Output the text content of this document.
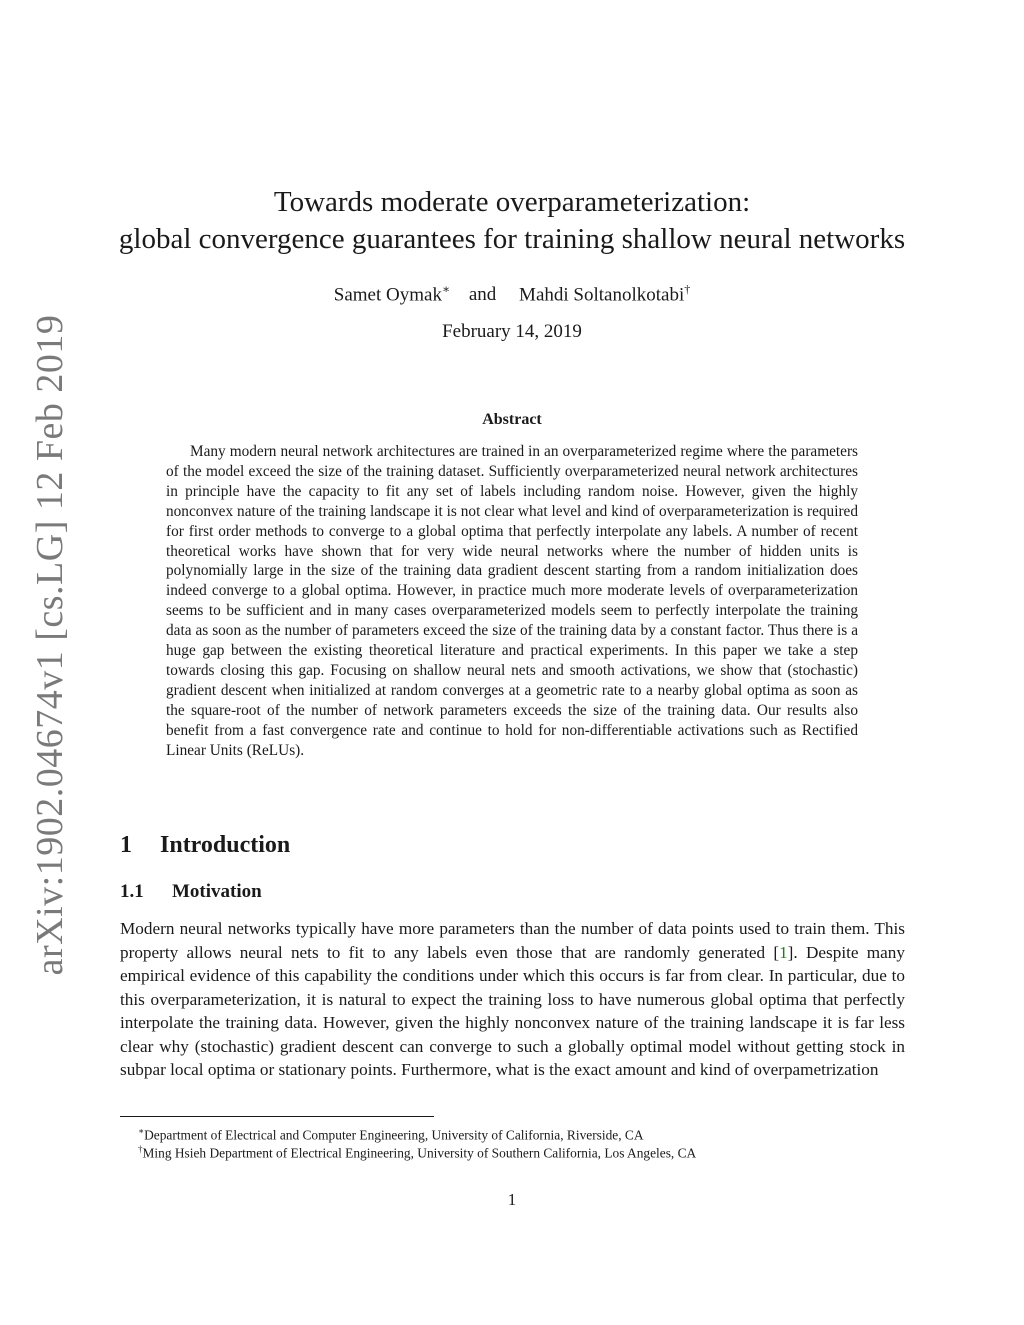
arXiv:1902.04674v1 [cs.LG] 12 Feb 2019
Towards moderate overparameterization:
global convergence guarantees for training shallow neural networks
Samet Oymak∗ and Mahdi Soltanolkotabi†
February 14, 2019
Abstract

Many modern neural network architectures are trained in an overparameterized regime where the parameters of the model exceed the size of the training dataset. Sufficiently overparameterized neural network architectures in principle have the capacity to fit any set of labels including random noise. However, given the highly nonconvex nature of the training landscape it is not clear what level and kind of overparameterization is required for first order methods to converge to a global optima that perfectly interpolate any labels. A number of recent theoretical works have shown that for very wide neural networks where the number of hidden units is polynomially large in the size of the training data gradient descent starting from a random initialization does indeed converge to a global optima. However, in practice much more moderate levels of overparameterization seems to be sufficient and in many cases overparameterized models seem to perfectly interpolate the training data as soon as the number of parameters exceed the size of the training data by a constant factor. Thus there is a huge gap between the existing theoretical literature and practical experiments. In this paper we take a step towards closing this gap. Focusing on shallow neural nets and smooth activations, we show that (stochastic) gradient descent when initialized at random converges at a geometric rate to a nearby global optima as soon as the square-root of the number of network parameters exceeds the size of the training data. Our results also benefit from a fast convergence rate and continue to hold for non-differentiable activations such as Rectified Linear Units (ReLUs).

1 Introduction
1.1 Motivation

Modern neural networks typically have more parameters than the number of data points used to train them. This property allows neural nets to fit to any labels even those that are randomly generated [1]. Despite many empirical evidence of this capability the conditions under which this occurs is far from clear. In particular, due to this overparameterization, it is natural to expect the training loss to have numerous global optima that perfectly interpolate the training data. However, given the highly nonconvex nature of the training landscape it is far less clear why (stochastic) gradient descent can converge to such a globally optimal model without getting stock in subpar local optima or stationary points. Furthermore, what is the exact amount and kind of overpametrization

∗Department of Electrical and Computer Engineering, University of California, Riverside, CA
†Ming Hsieh Department of Electrical Engineering, University of Southern California, Los Angeles, CA
1
